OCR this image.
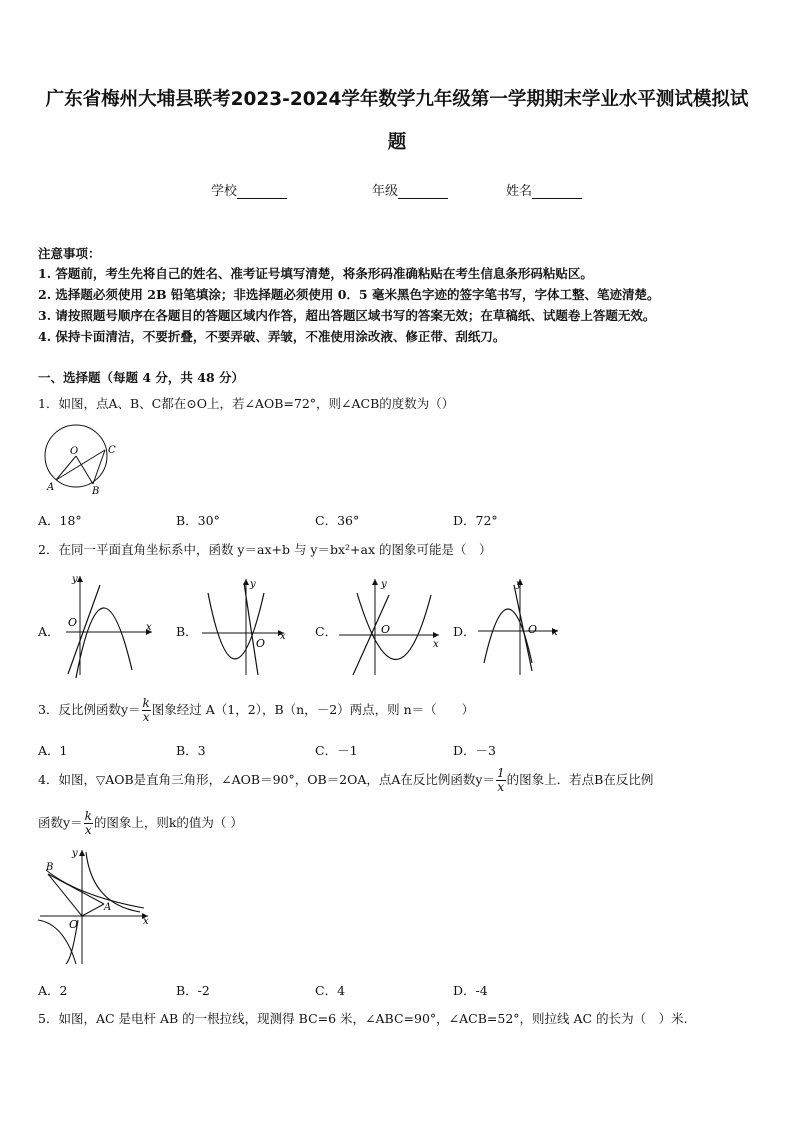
广东省梅州大埔县联考2023-2024学年数学九年级第一学期期末学业水平测试模拟试
题
学校	年级	姓名
注意事项：
1. 答题前，考生先将自己的姓名、准考证号填写清楚，将条形码准确粘贴在考生信息条形码粘贴区。
2. 选择题必须使用 2B 铅笔填涂；非选择题必须使用 0．5 毫米黑色字迹的签字笔书写，字体工整、笔迹清楚。
3. 请按照题号顺序在各题目的答题区域内作答，超出答题区域书写的答案无效；在草稿纸、试题卷上答题无效。
4. 保持卡面清洁，不要折叠，不要弄破、弄皱，不准使用涂改液、修正带、刮纸刀。
一、选择题（每题 4 分，共 48 分）
1．如图，点A、B、C都在⊙O上，若∠AOB=72°，则∠ACB的度数为（）
O	C
A	B
A．18°	B．30°	C．36°	D．72°
2．在同一平面直角坐标系中，函数 y＝ax+b 与 y＝bx²+ax 的图象可能是（　）
A．	x
y
O
B．	x
y
O
C．
x
y
O	D．	x
y
O
3．反比例函数$y= \frac{k}{x}$ 图象经过 A（1，2），B（n，－2）两点，则 n＝（　　）
A．1	B．3	C．－1	D．－3
4．如图，▽AOB是直角三角形，∠AOB＝90°，OB＝2OA，点A在反比例函数$y= \frac{1}{x}$ 的图象上．若点B在反比例
函数$y= \frac{k}{x}$ 的图象上，则k的值为（ ）
x
y
O
B
A
A．2	B．-2	C．4	D．-4
5．如图，AC 是电杆 AB 的一根拉线，现测得 BC=6 米，∠ABC=90°，∠ACB=52°，则拉线 AC 的长为（　）米.
